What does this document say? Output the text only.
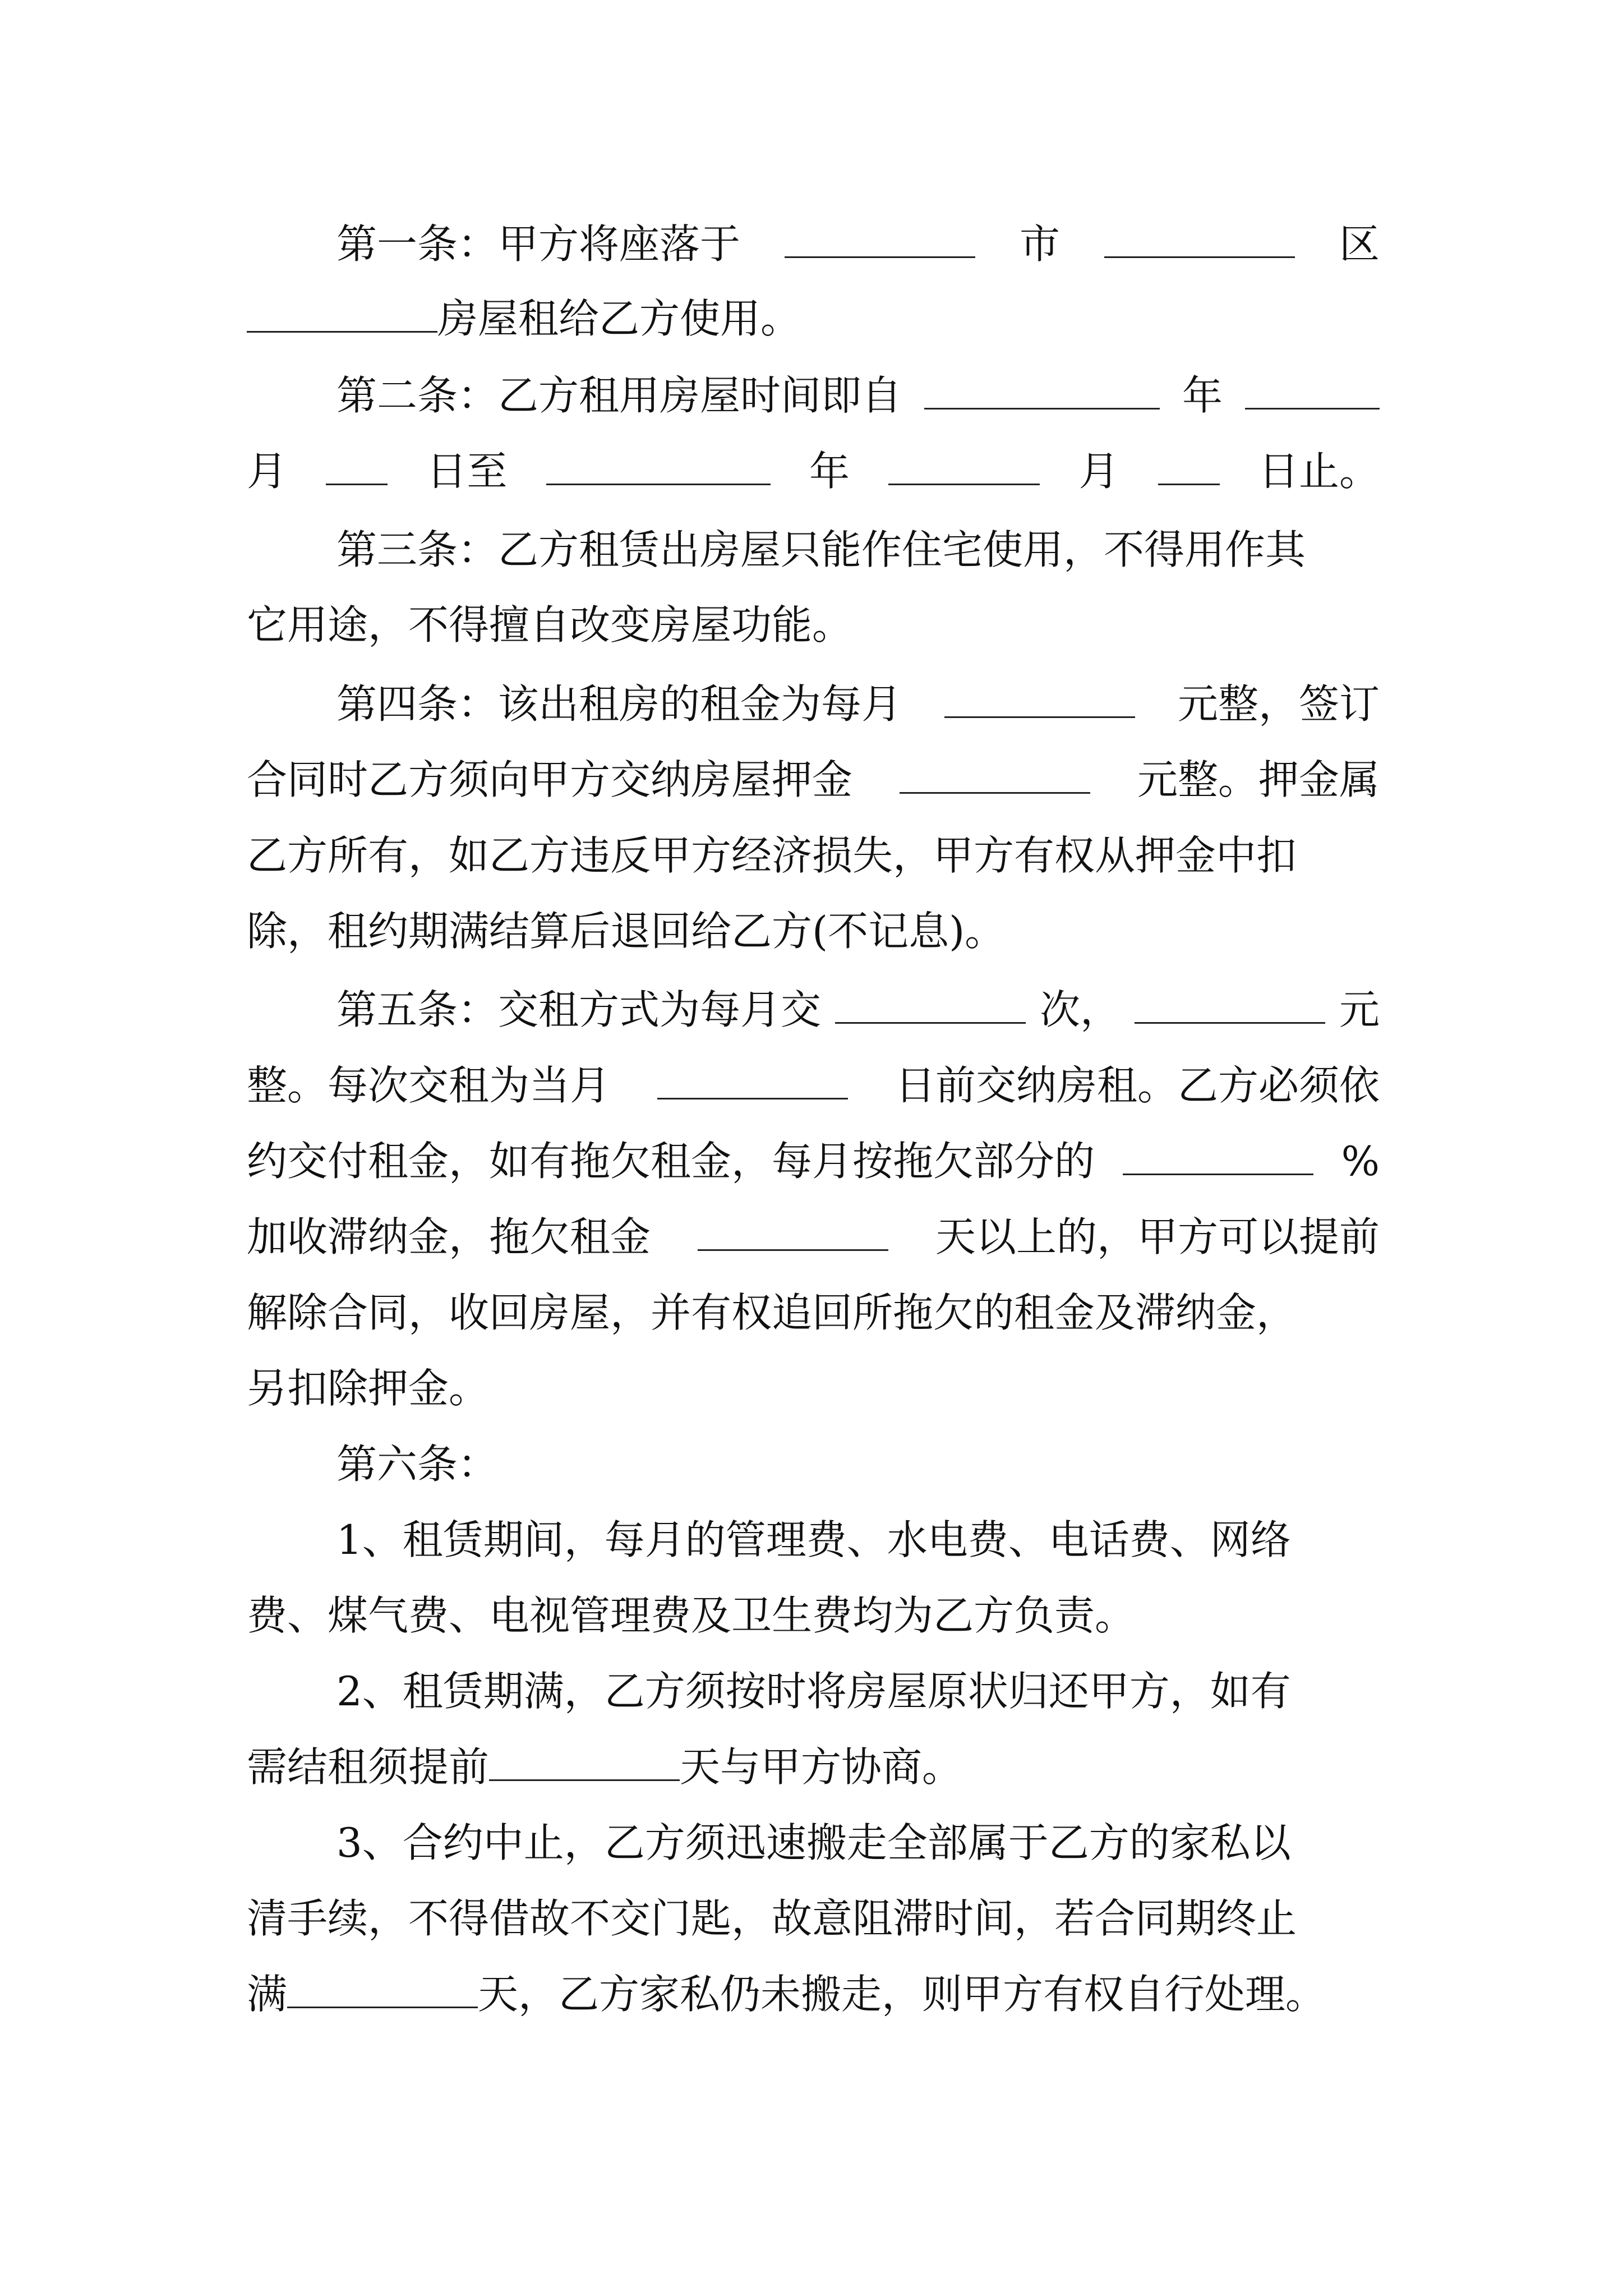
第一条：甲方将座落于	市	区
房屋租给乙方使用。
第二条：乙方租用房屋时间即自	年
月	日至	年	月	日止。
第三条：乙方租赁出房屋只能作住宅使用，不得用作其
它用途，不得擅自改变房屋功能。
第四条：该出租房的租金为每月	元整，签订
合同时乙方须向甲方交纳房屋押金	元整。押金属
乙方所有，如乙方违反甲方经济损失，甲方有权从押金中扣
除，租约期满结算后退回给乙方(不记息)。
第五条：交租方式为每月交	次，	元
整。每次交租为当月	日前交纳房租。乙方必须依
约交付租金，如有拖欠租金，每月按拖欠部分的	%
加收滞纳金，拖欠租金	天以上的，甲方可以提前
解除合同，收回房屋，并有权追回所拖欠的租金及滞纳金，
另扣除押金。
第六条：
1、租赁期间，每月的管理费、水电费、电话费、网络
费、煤气费、电视管理费及卫生费均为乙方负责。
2、租赁期满，乙方须按时将房屋原状归还甲方，如有
需结租须提前	天与甲方协商。
3、合约中止，乙方须迅速搬走全部属于乙方的家私以
清手续，不得借故不交门匙，故意阻滞时间，若合同期终止
满	天，乙方家私仍未搬走，则甲方有权自行处理。
